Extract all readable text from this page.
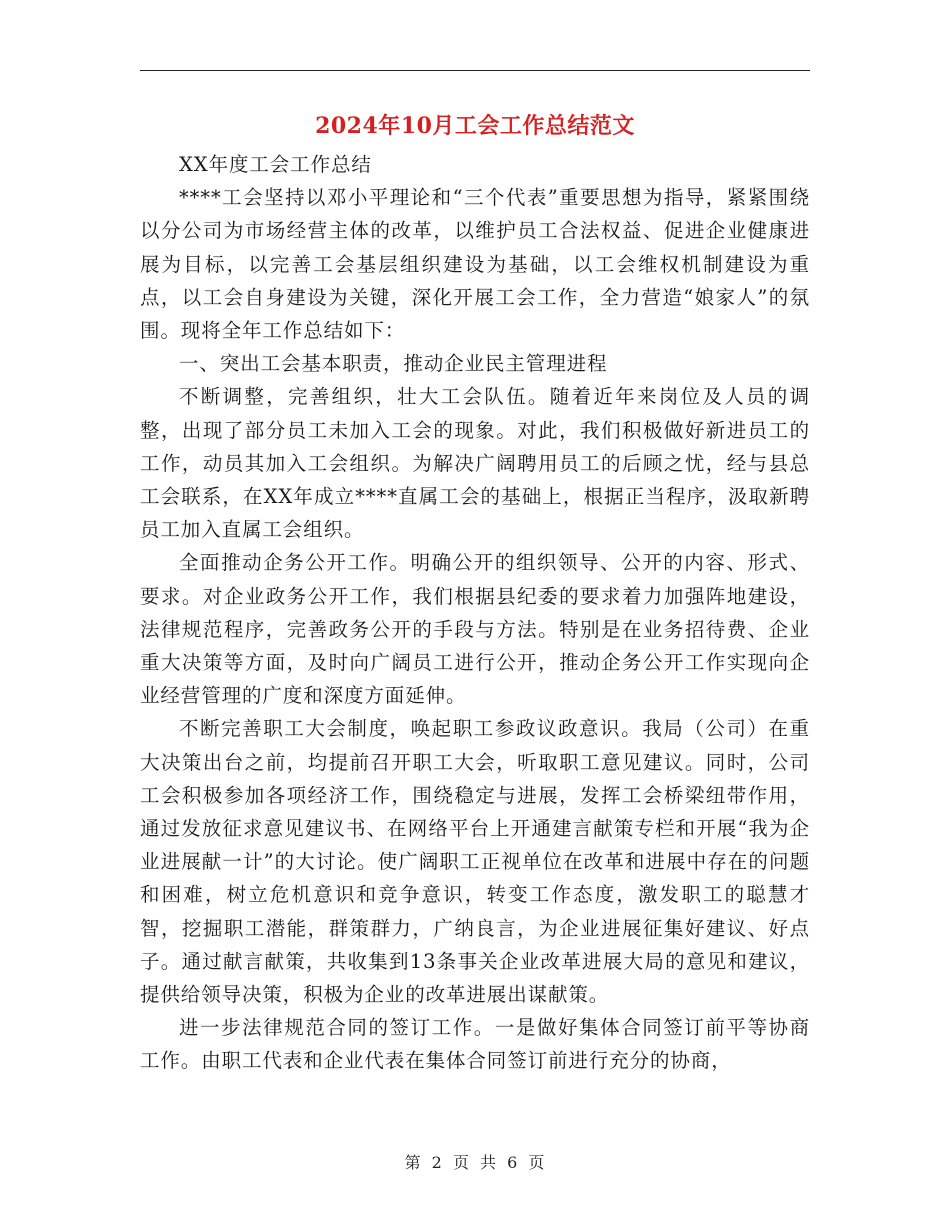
2024年10月工会工作总结范文

XX年度工会工作总结

****工会坚持以邓小平理论和“三个代表”重要思想为指导，紧紧围绕以分公司为市场经营主体的改革，以维护员工合法权益、促进企业健康进展为目标，以完善工会基层组织建设为基础，以工会维权机制建设为重点，以工会自身建设为关键，深化开展工会工作，全力营造“娘家人”的氛围。现将全年工作总结如下：

一、突出工会基本职责，推动企业民主管理进程

不断调整，完善组织，壮大工会队伍。随着近年来岗位及人员的调整，出现了部分员工未加入工会的现象。对此，我们积极做好新进员工的工作，动员其加入工会组织。为解决广阔聘用员工的后顾之忧，经与县总工会联系，在XX年成立****直属工会的基础上，根据正当程序，汲取新聘员工加入直属工会组织。

全面推动企务公开工作。明确公开的组织领导、公开的内容、形式、要求。对企业政务公开工作，我们根据县纪委的要求着力加强阵地建设，法律规范程序，完善政务公开的手段与方法。特别是在业务招待费、企业重大决策等方面，及时向广阔员工进行公开，推动企务公开工作实现向企业经营管理的广度和深度方面延伸。

不断完善职工大会制度，唤起职工参政议政意识。我局（公司）在重大决策出台之前，均提前召开职工大会，听取职工意见建议。同时，公司工会积极参加各项经济工作，围绕稳定与进展，发挥工会桥梁纽带作用，通过发放征求意见建议书、在网络平台上开通建言献策专栏和开展“我为企业进展献一计”的大讨论。使广阔职工正视单位在改革和进展中存在的问题和困难，树立危机意识和竞争意识，转变工作态度，激发职工的聪慧才智，挖掘职工潜能，群策群力，广纳良言，为企业进展征集好建议、好点子。通过献言献策，共收集到13条事关企业改革进展大局的意见和建议，提供给领导决策，积极为企业的改革进展出谋献策。

进一步法律规范合同的签订工作。一是做好集体合同签订前平等协商工作。由职工代表和企业代表在集体合同签订前进行充分的协商，

第 2 页 共 6 页
